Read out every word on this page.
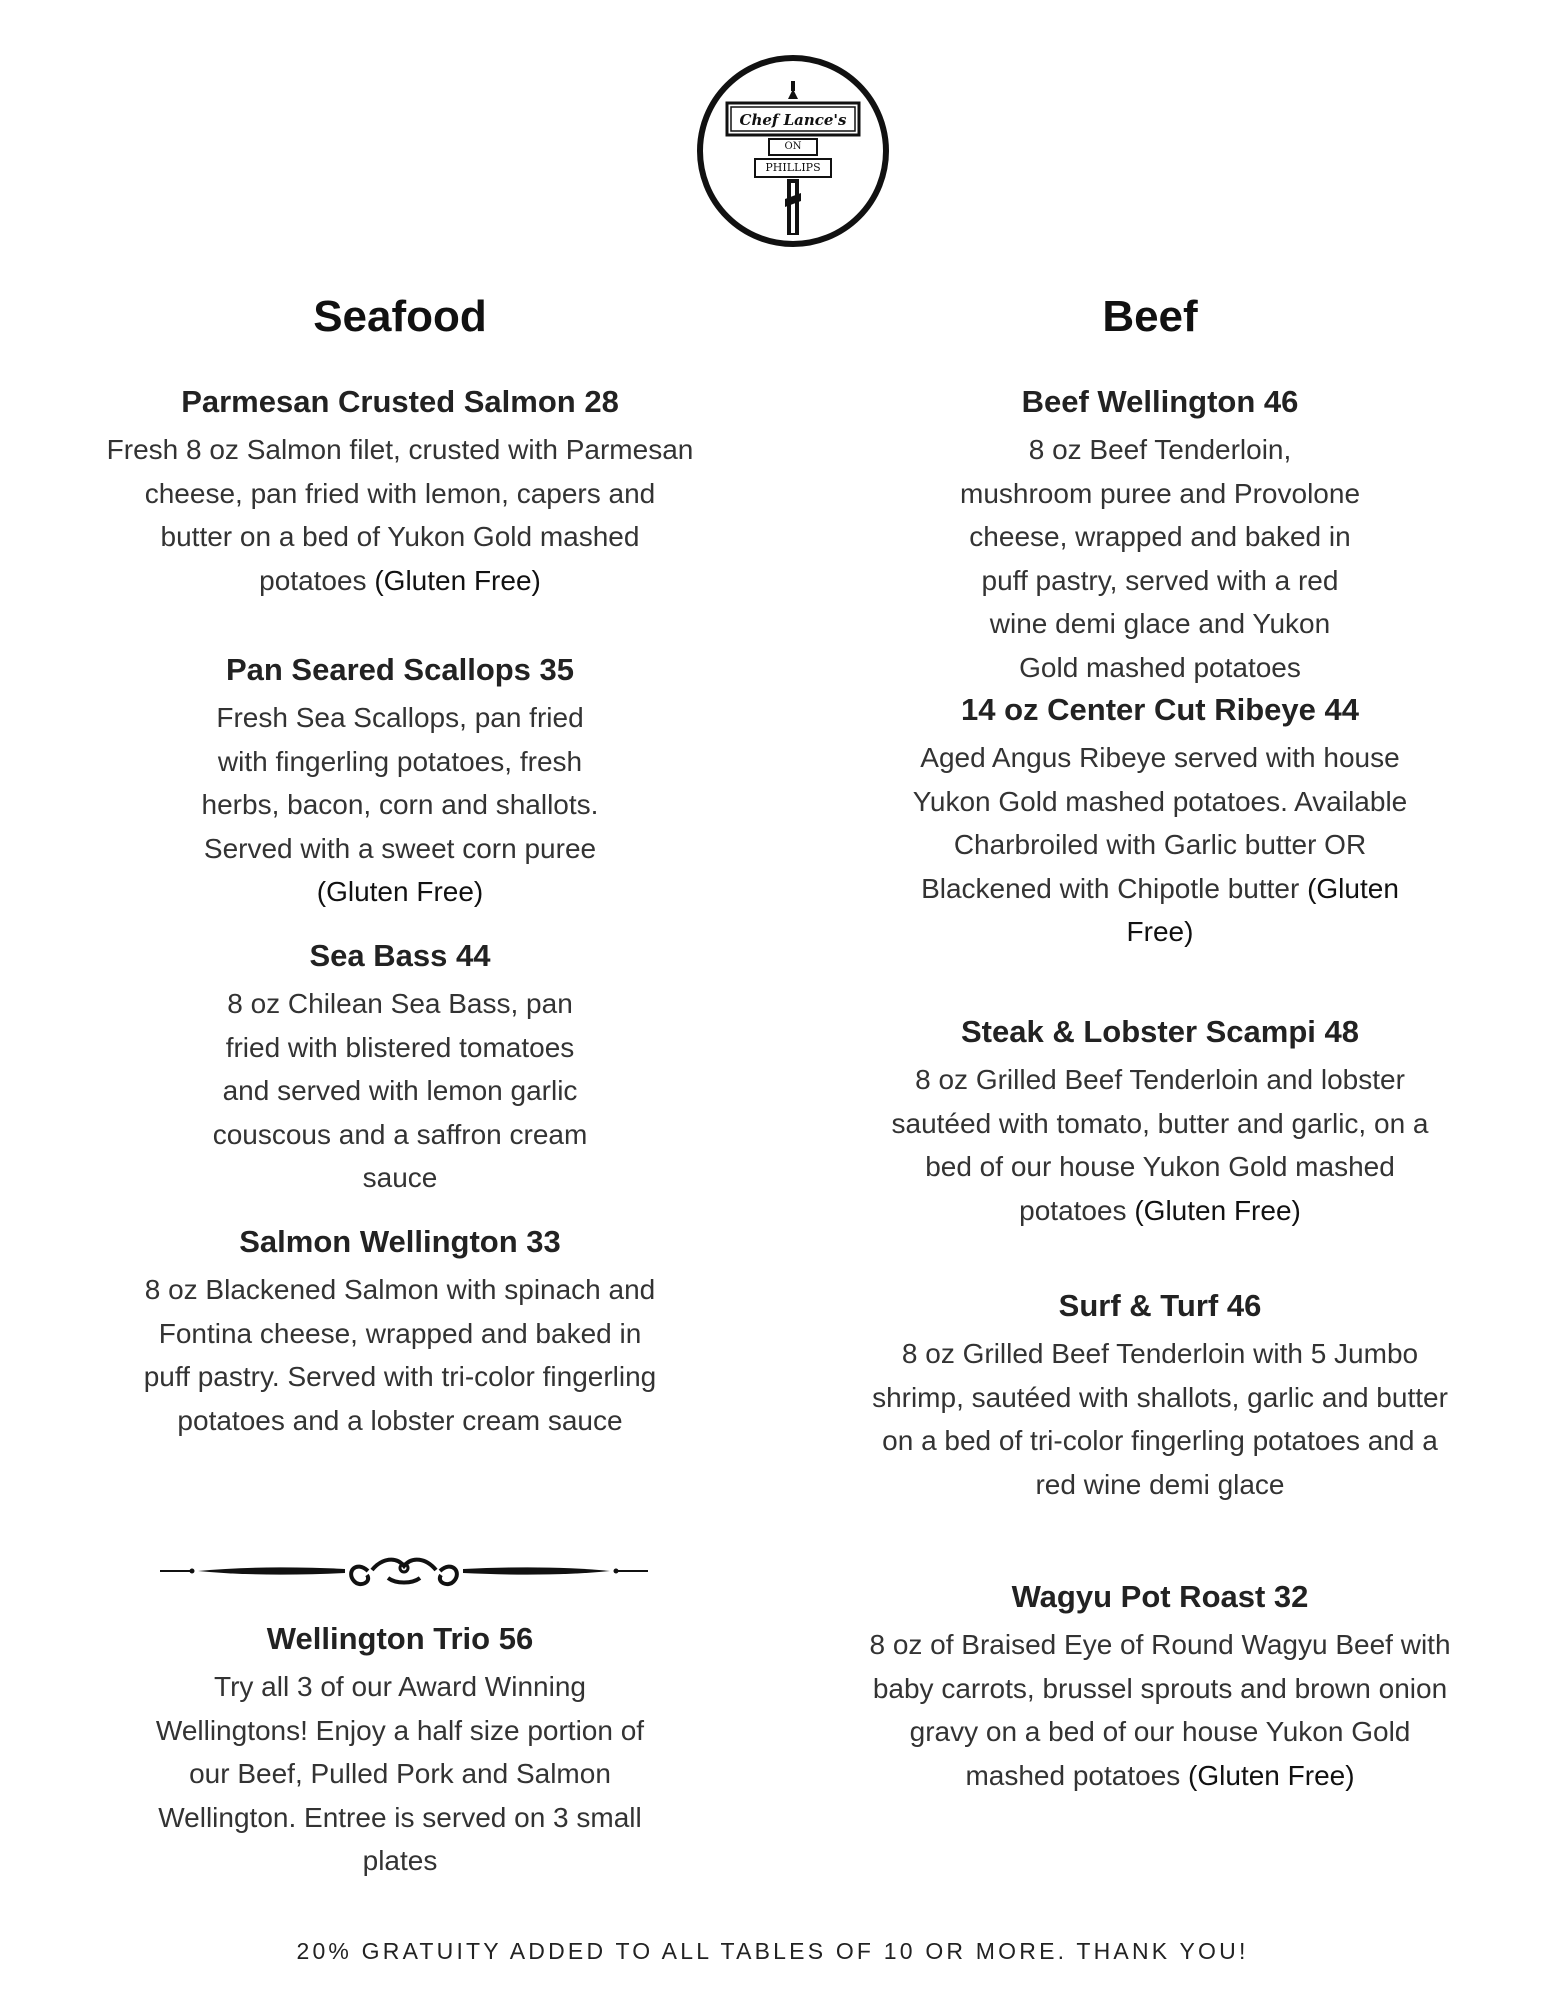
Chef Lance's
ON
PHILLIPS
Seafood

Parmesan Crusted Salmon 28

Fresh 8 oz Salmon filet, crusted with Parmesan cheese, pan fried with lemon, capers and butter on a bed of Yukon Gold mashed potatoes (Gluten Free)

Pan Seared Scallops 35

Fresh Sea Scallops, pan fried with fingerling potatoes, fresh herbs, bacon, corn and shallots. Served with a sweet corn puree (Gluten Free)

Sea Bass 44

8 oz Chilean Sea Bass, pan fried with blistered tomatoes and served with lemon garlic couscous and a saffron cream sauce

Salmon Wellington 33

8 oz Blackened Salmon with spinach and Fontina cheese, wrapped and baked in puff pastry. Served with tri-color fingerling potatoes and a lobster cream sauce

Wellington Trio 56

Try all 3 of our Award Winning Wellingtons! Enjoy a half size portion of our Beef, Pulled Pork and Salmon Wellington. Entree is served on 3 small plates

Beef

Beef Wellington 46

8 oz Beef Tenderloin, mushroom puree and Provolone cheese, wrapped and baked in puff pastry, served with a red wine demi glace and Yukon Gold mashed potatoes

14 oz Center Cut Ribeye 44

Aged Angus Ribeye served with house Yukon Gold mashed potatoes. Available Charbroiled with Garlic butter OR Blackened with Chipotle butter (Gluten Free)

Steak & Lobster Scampi 48

8 oz Grilled Beef Tenderloin and lobster sautéed with tomato, butter and garlic, on a bed of our house Yukon Gold mashed potatoes (Gluten Free)

Surf & Turf 46

8 oz Grilled Beef Tenderloin with 5 Jumbo shrimp, sautéed with shallots, garlic and butter on a bed of tri-color fingerling potatoes and a red wine demi glace

Wagyu Pot Roast 32

8 oz of Braised Eye of Round Wagyu Beef with baby carrots, brussel sprouts and brown onion gravy on a bed of our house Yukon Gold mashed potatoes (Gluten Free)

20% GRATUITY ADDED TO ALL TABLES OF 10 OR MORE. THANK YOU!
